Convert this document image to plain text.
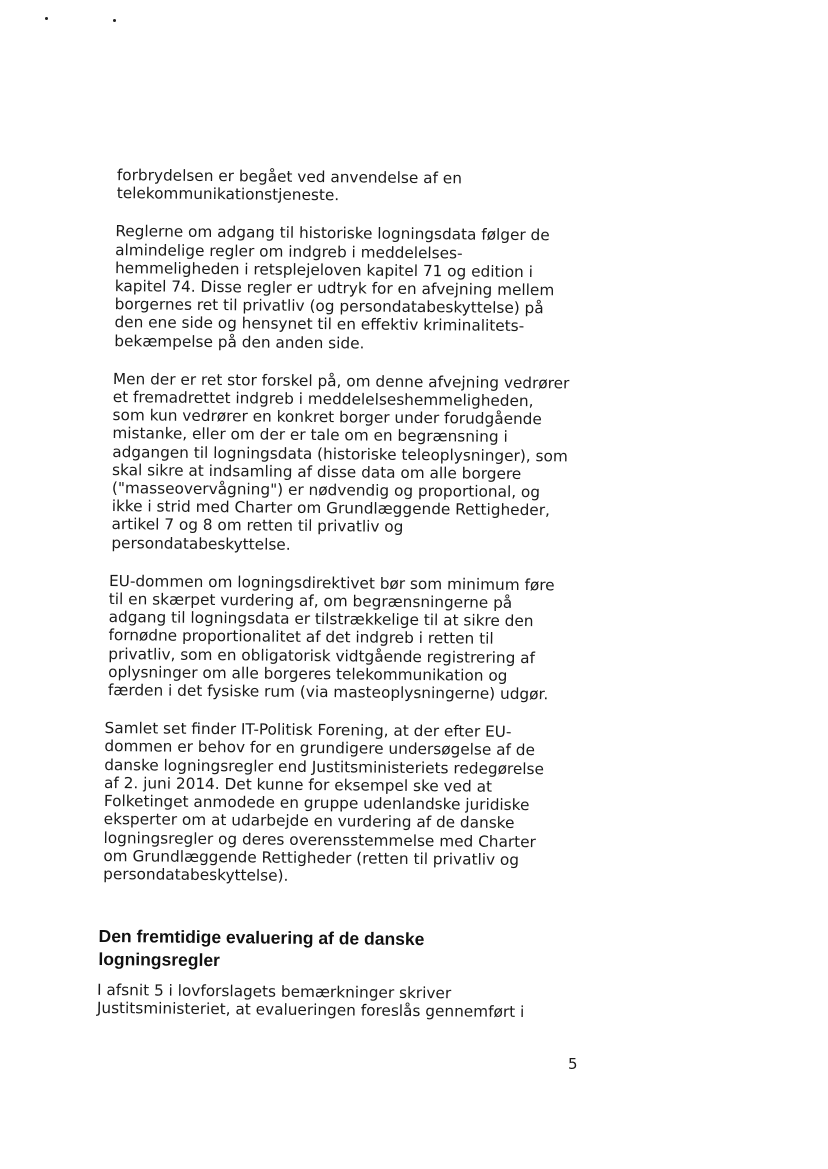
forbrydelsen er begået ved anvendelse af en
telekommunikationstjeneste.

Reglerne om adgang til historiske logningsdata følger de
almindelige regler om indgreb i meddelelses-
hemmeligheden i retsplejeloven kapitel 71 og edition i
kapitel 74. Disse regler er udtryk for en afvejning mellem
borgernes ret til privatliv (og persondatabeskyttelse) på
den ene side og hensynet til en effektiv kriminalitets-
bekæmpelse på den anden side.

Men der er ret stor forskel på, om denne afvejning vedrører
et fremadrettet indgreb i meddelelseshemmeligheden,
som kun vedrører en konkret borger under forudgående
mistanke, eller om der er tale om en begrænsning i
adgangen til logningsdata (historiske teleoplysninger), som
skal sikre at indsamling af disse data om alle borgere
("masseovervågning") er nødvendig og proportional, og
ikke i strid med Charter om Grundlæggende Rettigheder,
artikel 7 og 8 om retten til privatliv og
persondatabeskyttelse.

EU-dommen om logningsdirektivet bør som minimum føre
til en skærpet vurdering af, om begrænsningerne på
adgang til logningsdata er tilstrækkelige til at sikre den
fornødne proportionalitet af det indgreb i retten til
privatliv, som en obligatorisk vidtgående registrering af
oplysninger om alle borgeres telekommunikation og
færden i det fysiske rum (via masteoplysningerne) udgør.

Samlet set finder IT-Politisk Forening, at der efter EU-
dommen er behov for en grundigere undersøgelse af de
danske logningsregler end Justitsministeriets redegørelse
af 2. juni 2014. Det kunne for eksempel ske ved at
Folketinget anmodede en gruppe udenlandske juridiske
eksperter om at udarbejde en vurdering af de danske
logningsregler og deres overensstemmelse med Charter
om Grundlæggende Rettigheder (retten til privatliv og
persondatabeskyttelse).

Den fremtidige evaluering af de danske
logningsregler

I afsnit 5 i lovforslagets bemærkninger skriver
Justitsministeriet, at evalueringen foreslås gennemført i

5
